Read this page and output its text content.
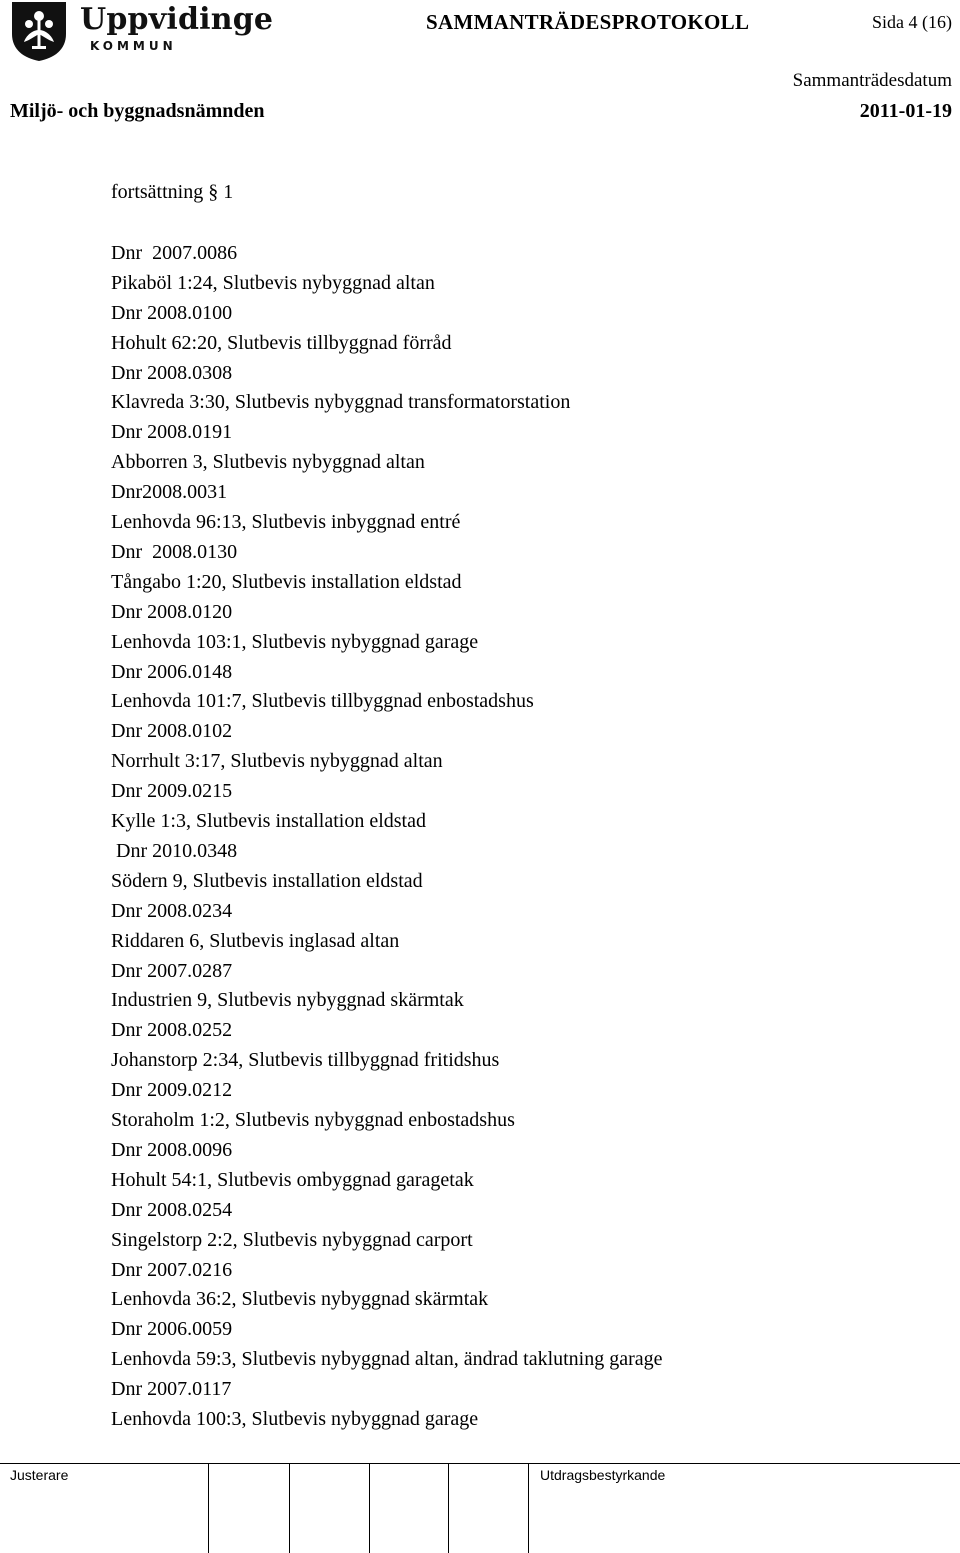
Uppvidinge
KOMMUN
SAMMANTRÄDESPROTOKOLL	Sida 4 (16)
Sammanträdesdatum
Miljö- och byggnadsnämnden	2011-01-19
fortsättning § 1
Dnr  2007.0086
Pikaböl 1:24, Slutbevis nybyggnad altan
Dnr 2008.0100
Hohult 62:20, Slutbevis tillbyggnad förråd
Dnr 2008.0308
Klavreda 3:30, Slutbevis nybyggnad transformatorstation
Dnr 2008.0191
Abborren 3, Slutbevis nybyggnad altan
Dnr2008.0031
Lenhovda 96:13, Slutbevis inbyggnad entré
Dnr  2008.0130
Tångabo 1:20, Slutbevis installation eldstad
Dnr 2008.0120
Lenhovda 103:1, Slutbevis nybyggnad garage
Dnr 2006.0148
Lenhovda 101:7, Slutbevis tillbyggnad enbostadshus
Dnr 2008.0102
Norrhult 3:17, Slutbevis nybyggnad altan
Dnr 2009.0215
Kylle 1:3, Slutbevis installation eldstad
Dnr 2010.0348
Södern 9, Slutbevis installation eldstad
Dnr 2008.0234
Riddaren 6, Slutbevis inglasad altan
Dnr 2007.0287
Industrien 9, Slutbevis nybyggnad skärmtak
Dnr 2008.0252
Johanstorp 2:34, Slutbevis tillbyggnad fritidshus
Dnr 2009.0212
Storaholm 1:2, Slutbevis nybyggnad enbostadshus
Dnr 2008.0096
Hohult 54:1, Slutbevis ombyggnad garagetak
Dnr 2008.0254
Singelstorp 2:2, Slutbevis nybyggnad carport
Dnr 2007.0216
Lenhovda 36:2, Slutbevis nybyggnad skärmtak
Dnr 2006.0059
Lenhovda 59:3, Slutbevis nybyggnad altan, ändrad taklutning garage
Dnr 2007.0117
Lenhovda 100:3, Slutbevis nybyggnad garage
Justerare	Utdragsbestyrkande
